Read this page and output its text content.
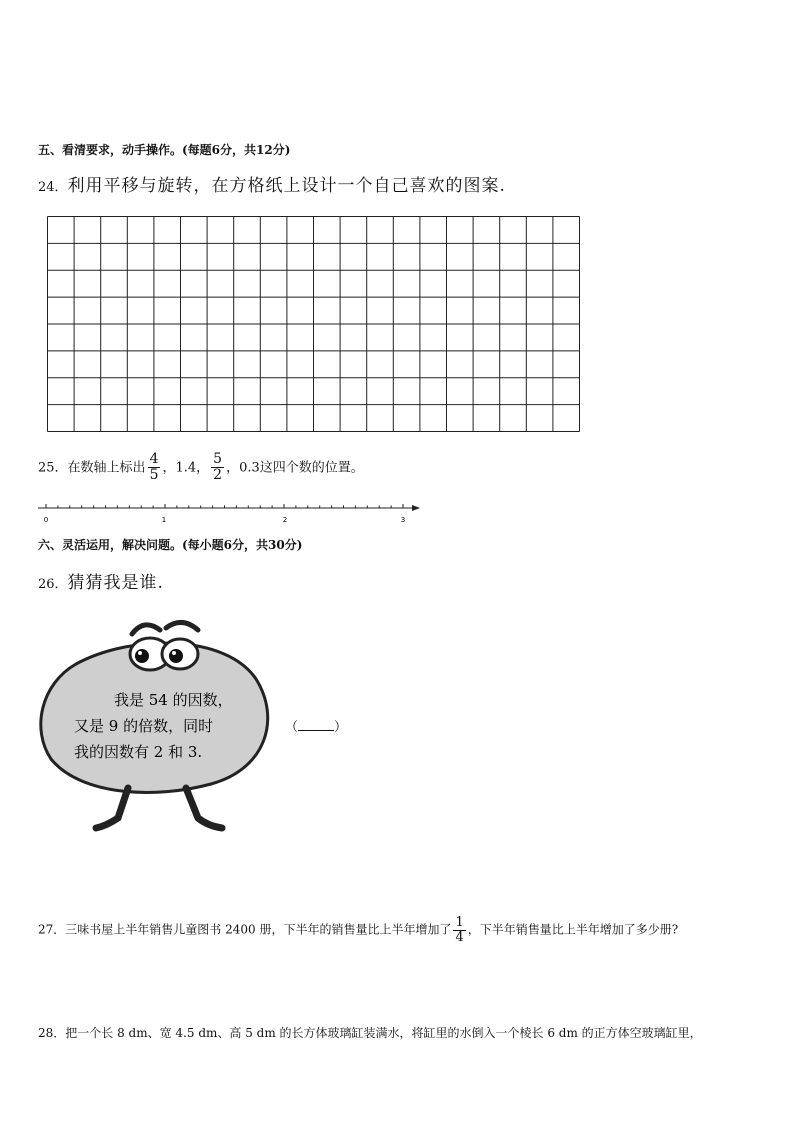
五、看清要求，动手操作。(每题6分，共12分)
24．利用平移与旋转，在方格纸上设计一个自己喜欢的图案.
25．在数轴上标出 $\frac{4}{5}$ ，1.4， $\frac{5}{2}$ ，0.3这四个数的位置。
0	1	2	3
六、灵活运用，解决问题。(每小题6分，共30分)
26．猜猜我是谁.
我是 54 的因数，
又是 9 的倍数，同时
我的因数有 2 和 3.
（	）
27．三味书屋上半年销售儿童图书 2400 册，下半年的销售量比上半年增加了 $\frac{1}{4}$ ，下半年销售量比上半年增加了多少册?
28．把一个长 8 dm、宽 4.5 dm、高 5 dm 的长方体玻璃缸装满水，将缸里的水倒入一个棱长 6 dm 的正方体空玻璃缸里，
